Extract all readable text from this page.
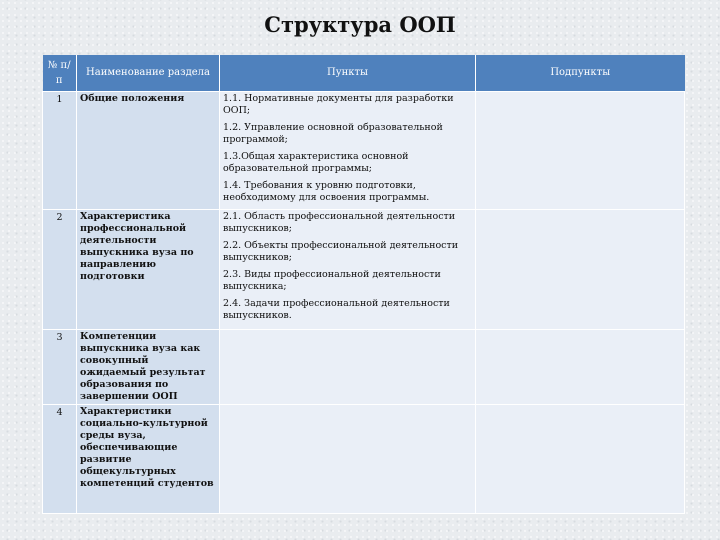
Структура ООП
№ п/п	Наименование раздела	Пункты	Подпункты
1	Общие положения	1.1. Нормативные документы для разработки ООП;
1.2. Управление основной образовательной программой;
1.3.Общая характеристика основной образовательной программы;
1.4. Требования к уровню подготовки, необходимому для освоения программы.	

2	Характеристика профессиональной деятельности выпускника вуза по направлению подготовки	2.1. Область профессиональной деятельности выпускников;
2.2. Объекты профессиональной деятельности выпускников;
2.3. Виды профессиональной деятельности выпускника;
2.4. Задачи профессиональной деятельности выпускников.	

3	Компетенции выпускника вуза как совокупный ожидаемый результат образования по завершении ООП		
4	Характеристики социально-культурной среды вуза, обеспечивающие развитие общекультурных компетенций студентов		
